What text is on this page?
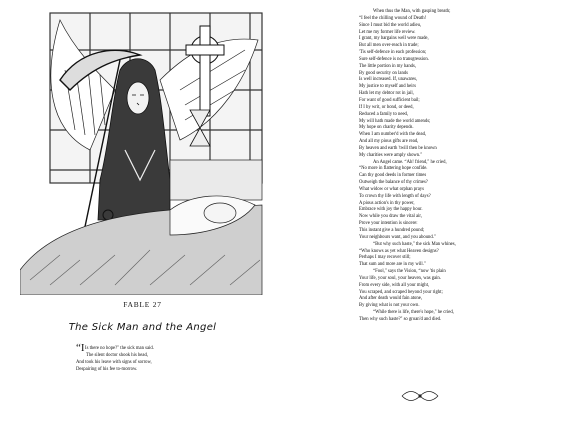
FABLE 27
The Sick Man and the Angel
“IIs there no hope?" the sick man said.
The silent doctor shook his head,
And took his leave with signs of sorrow,
Despairing of his fee to-morrow.
When thus the Man, with gasping breath;
“I feel the chilling wound of Death!
Since I must bid the world adieu,
Let me my former life review.
I grant, my bargains well were made,
But all men over-reach in trade;
'Tis self-defence in each profession;
Sure self-defence is no transgression.
The little portion in my hands,
By good security on lands
Is well increased. If, unawares,
My justice to myself and heirs
Hath let my debtor rot in jail,
For want of good sufficient bail;
If I by writ, or bond, or deed,
Reduced a family to need,
My will hath made the world amends;
My hope on charity depends.
When I am number'd with the dead,
And all my pious gifts are read,
By heaven and earth 'twill then be known
My charities were amply shown."
An Angel came. “Ah! friend," he cried,
“No more in flattering hope confide.
Can thy good deeds in former times
Outweigh the balance of thy crimes?
What widow or what orphan prays
To crown thy life with length of days?
A pious action's in thy power,
Embrace with joy the happy hour.
Now while you draw the vital air,
Prove your intention is sincere:
This instant give a hundred pound;
Your neighbours want, and you abound."
“But why such haste," the sick Man whines,
“Who knows as yet what Heaven designs?
Perhaps I may recover still;
That sum and more are in my will."
“Fool," says the Vision, “now 'tis plain
Your life, your soul, your heaven, was gain.
From every side, with all your might,
You scraped, and scraped beyond your right;
And after death would fain atone,
By giving what is not your own.
“While there is life, there's hope," he cried,
Then why such haste?" so groan'd and died.
